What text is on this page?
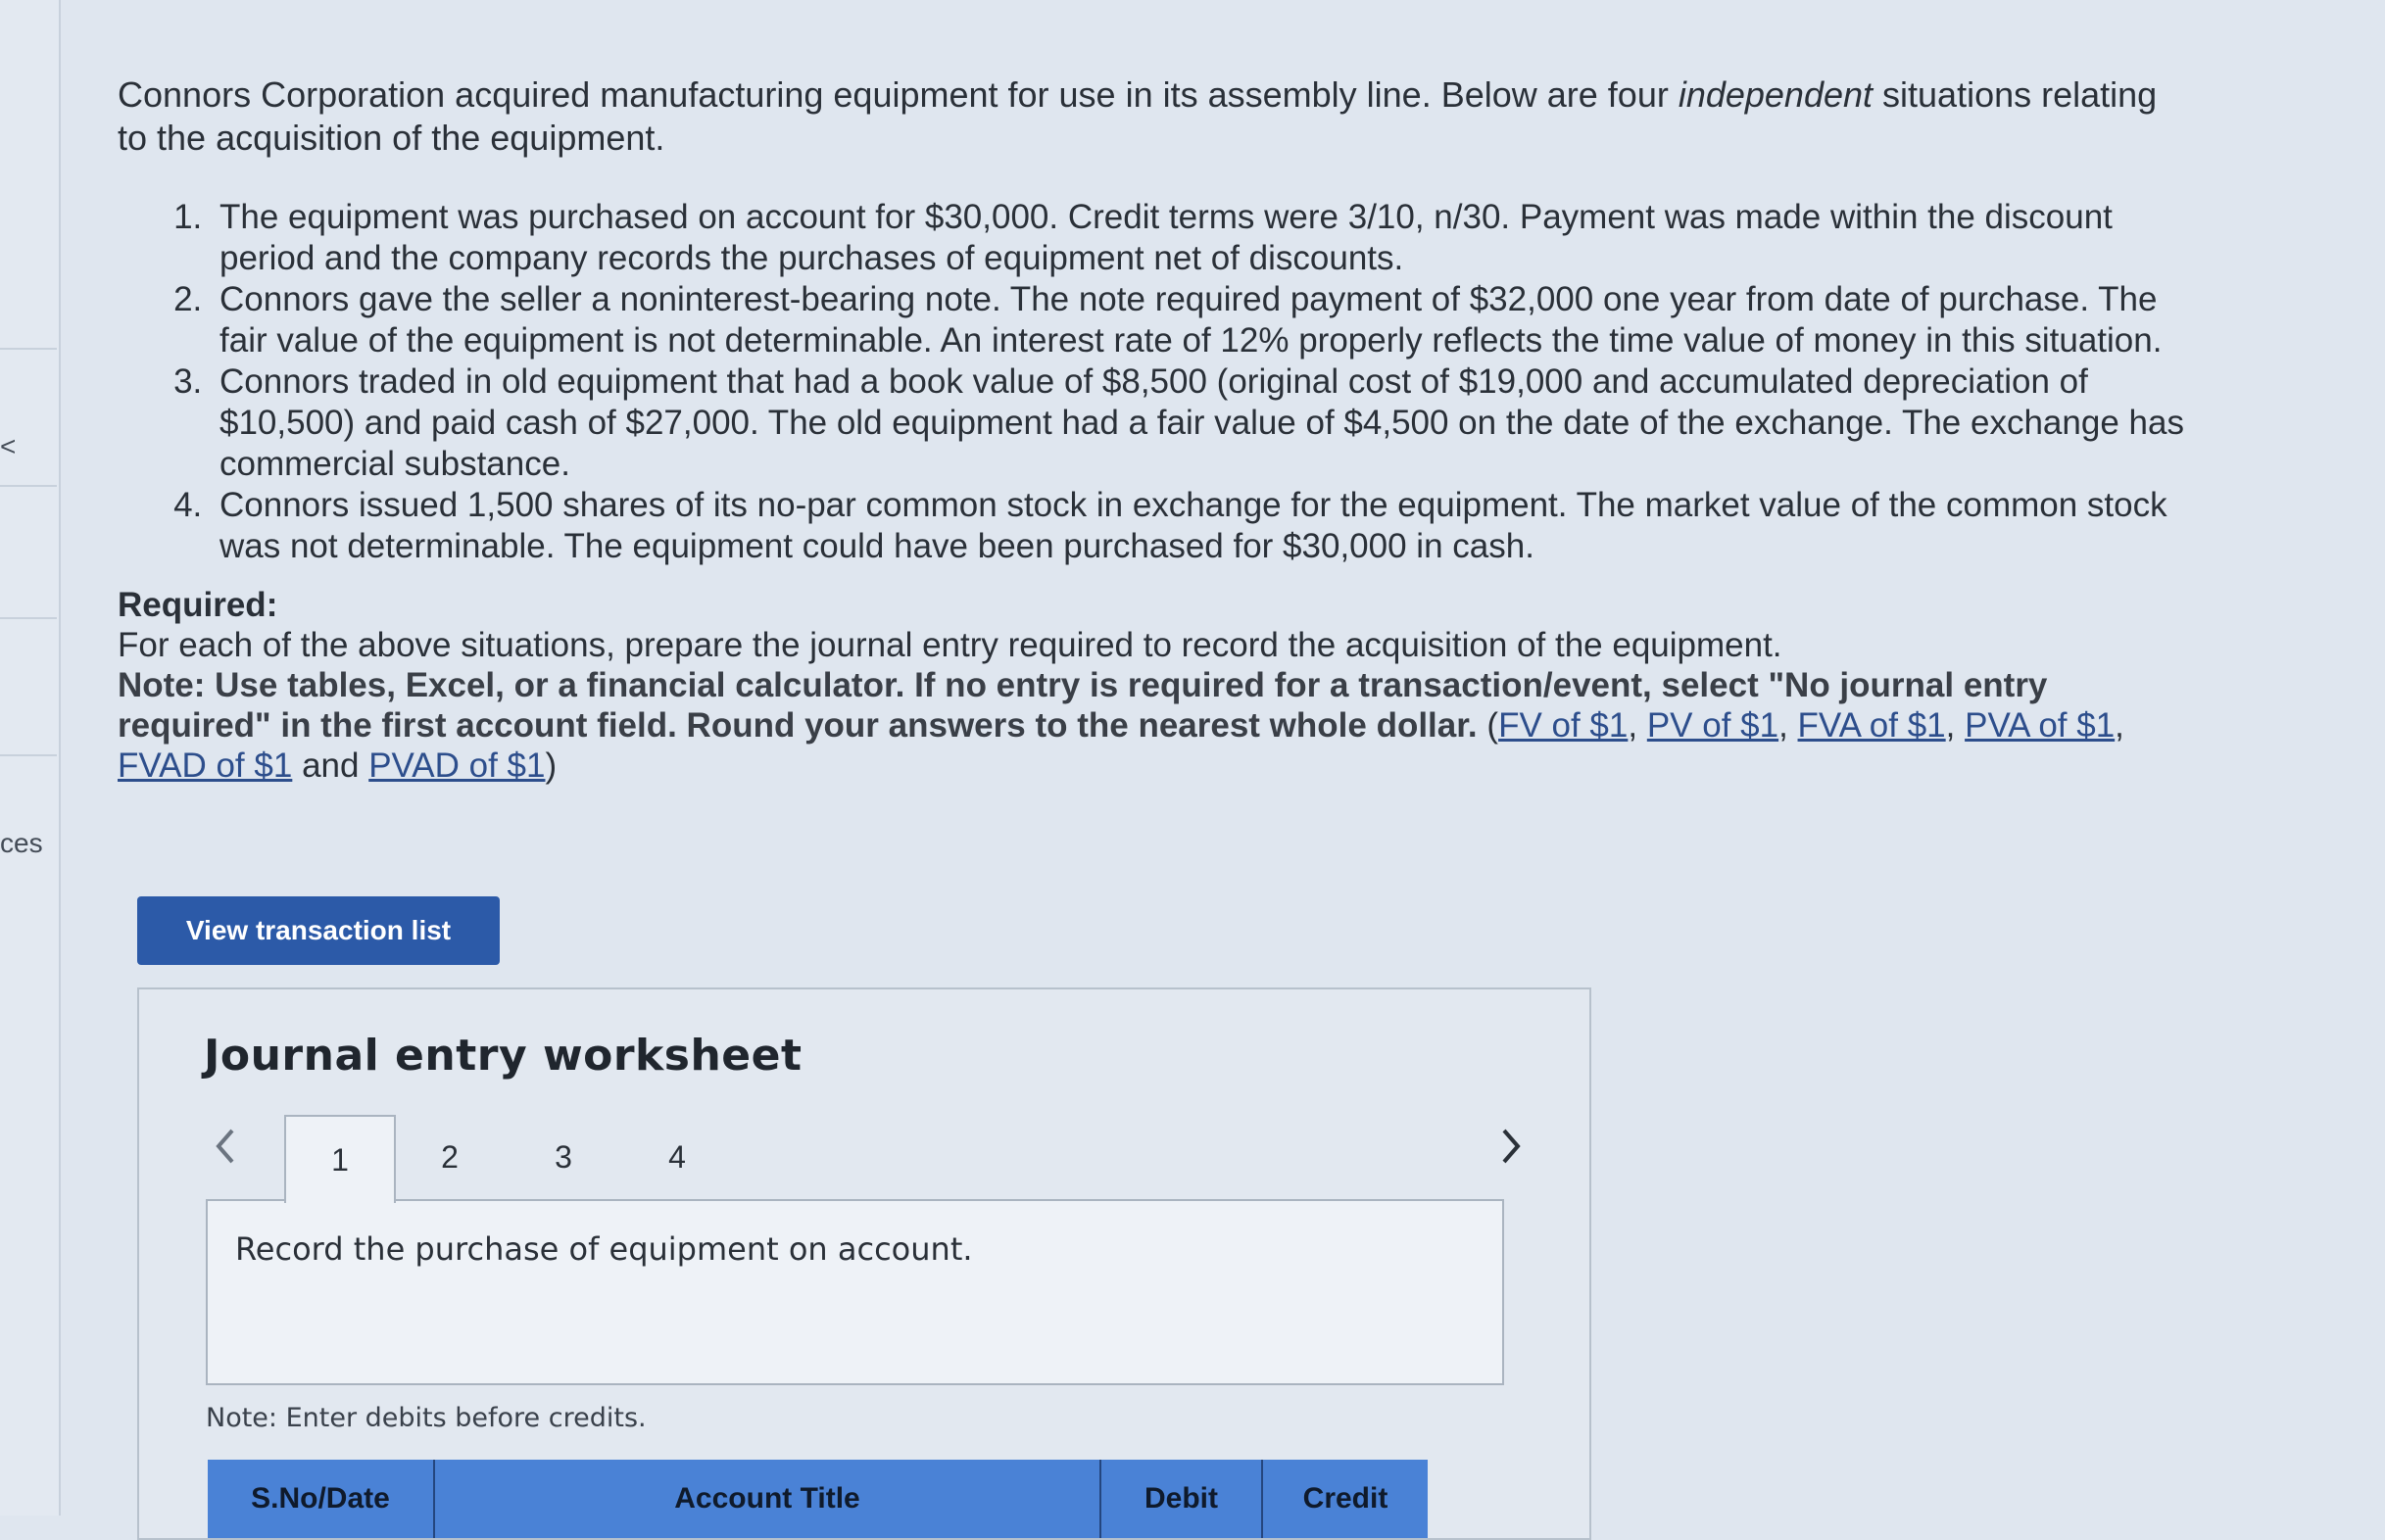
<
ces

Connors Corporation acquired manufacturing equipment for use in its assembly line. Below are four independent situations relating to the acquisition of the equipment.

1. The equipment was purchased on account for $30,000. Credit terms were 3/10, n/30. Payment was made within the discount period and the company records the purchases of equipment net of discounts.
2. Connors gave the seller a noninterest-bearing note. The note required payment of $32,000 one year from date of purchase. The fair value of the equipment is not determinable. An interest rate of 12% properly reflects the time value of money in this situation.
3. Connors traded in old equipment that had a book value of $8,500 (original cost of $19,000 and accumulated depreciation of $10,500) and paid cash of $27,000. The old equipment had a fair value of $4,500 on the date of the exchange. The exchange has commercial substance.
4. Connors issued 1,500 shares of its no-par common stock in exchange for the equipment. The market value of the common stock was not determinable. The equipment could have been purchased for $30,000 in cash.
Required:
For each of the above situations, prepare the journal entry required to record the acquisition of the equipment.
Note: Use tables, Excel, or a financial calculator. If no entry is required for a transaction/event, select "No journal entry required" in the first account field. Round your answers to the nearest whole dollar. (FV of $1, PV of $1, FVA of $1, PVA of $1, FVAD of $1 and PVAD of $1)
View transaction list
Journal entry worksheet
1	2	3	4
Record the purchase of equipment on account.
Note: Enter debits before credits.
S.No/Date	Account Title	Debit	Credit
